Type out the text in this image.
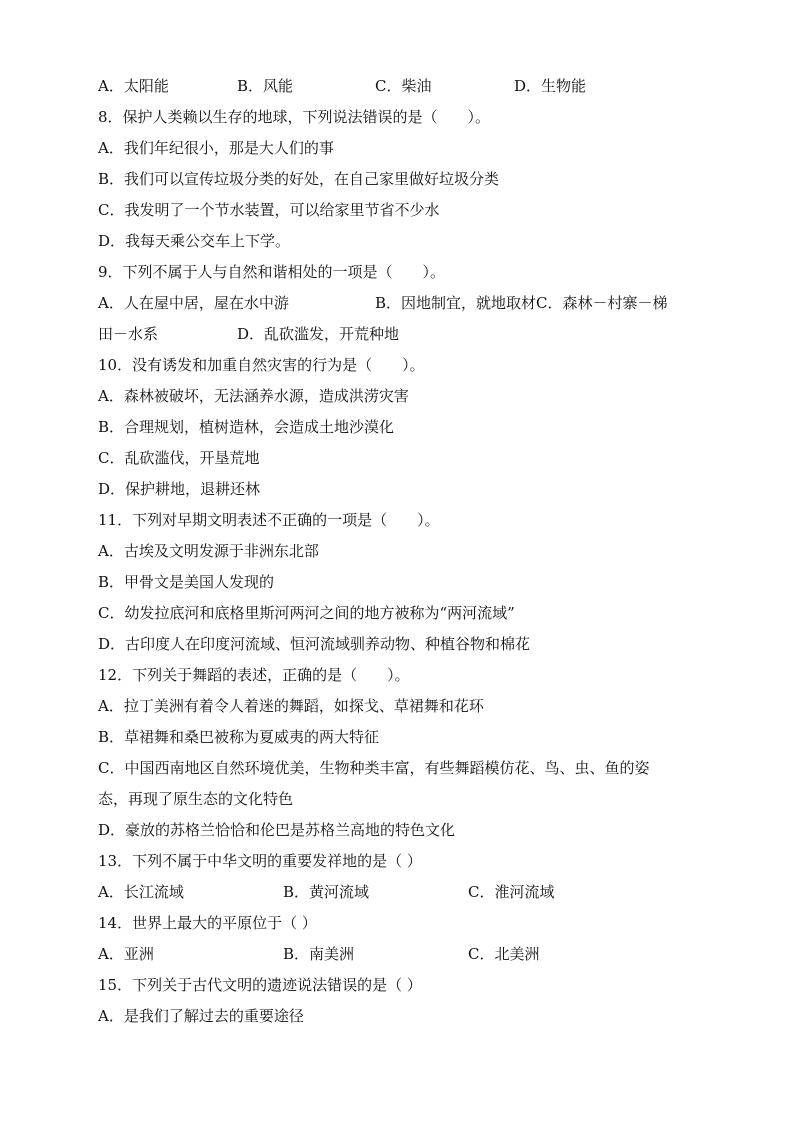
A．太阳能	B．风能	C．柴油	D．生物能
8．保护人类赖以生存的地球，下列说法错误的是（　　）。
A．我们年纪很小，那是大人们的事
B．我们可以宣传垃圾分类的好处，在自己家里做好垃圾分类
C．我发明了一个节水装置，可以给家里节省不少水
D．我每天乘公交车上下学。
9．下列不属于人与自然和谐相处的一项是（　　）。
A．人在屋中居，屋在水中游	B．因地制宜，就地取材C．森林－村寨－梯
田－水系	D．乱砍滥发，开荒种地
10．没有诱发和加重自然灾害的行为是（　　）。
A．森林被破坏，无法涵养水源，造成洪涝灾害
B．合理规划，植树造林，会造成土地沙漠化
C．乱砍滥伐，开垦荒地
D．保护耕地，退耕还林
11．下列对早期文明表述不正确的一项是（　　）。
A．古埃及文明发源于非洲东北部
B．甲骨文是美国人发现的
C．幼发拉底河和底格里斯河两河之间的地方被称为“两河流域”
D．古印度人在印度河流域、恒河流域驯养动物、种植谷物和棉花
12．下列关于舞蹈的表述，正确的是（　　）。
A．拉丁美洲有着令人着迷的舞蹈，如探戈、草裙舞和花环
B．草裙舞和桑巴被称为夏威夷的两大特征
C．中国西南地区自然环境优美，生物种类丰富，有些舞蹈模仿花、鸟、虫、鱼的姿
态，再现了原生态的文化特色
D．豪放的苏格兰恰恰和伦巴是苏格兰高地的特色文化
13．下列不属于中华文明的重要发祥地的是（ ）
A．长江流域	B．黄河流域	C．淮河流域
14．世界上最大的平原位于（ ）
A．亚洲	B．南美洲	C．北美洲
15．下列关于古代文明的遗迹说法错误的是（ ）
A．是我们了解过去的重要途径
